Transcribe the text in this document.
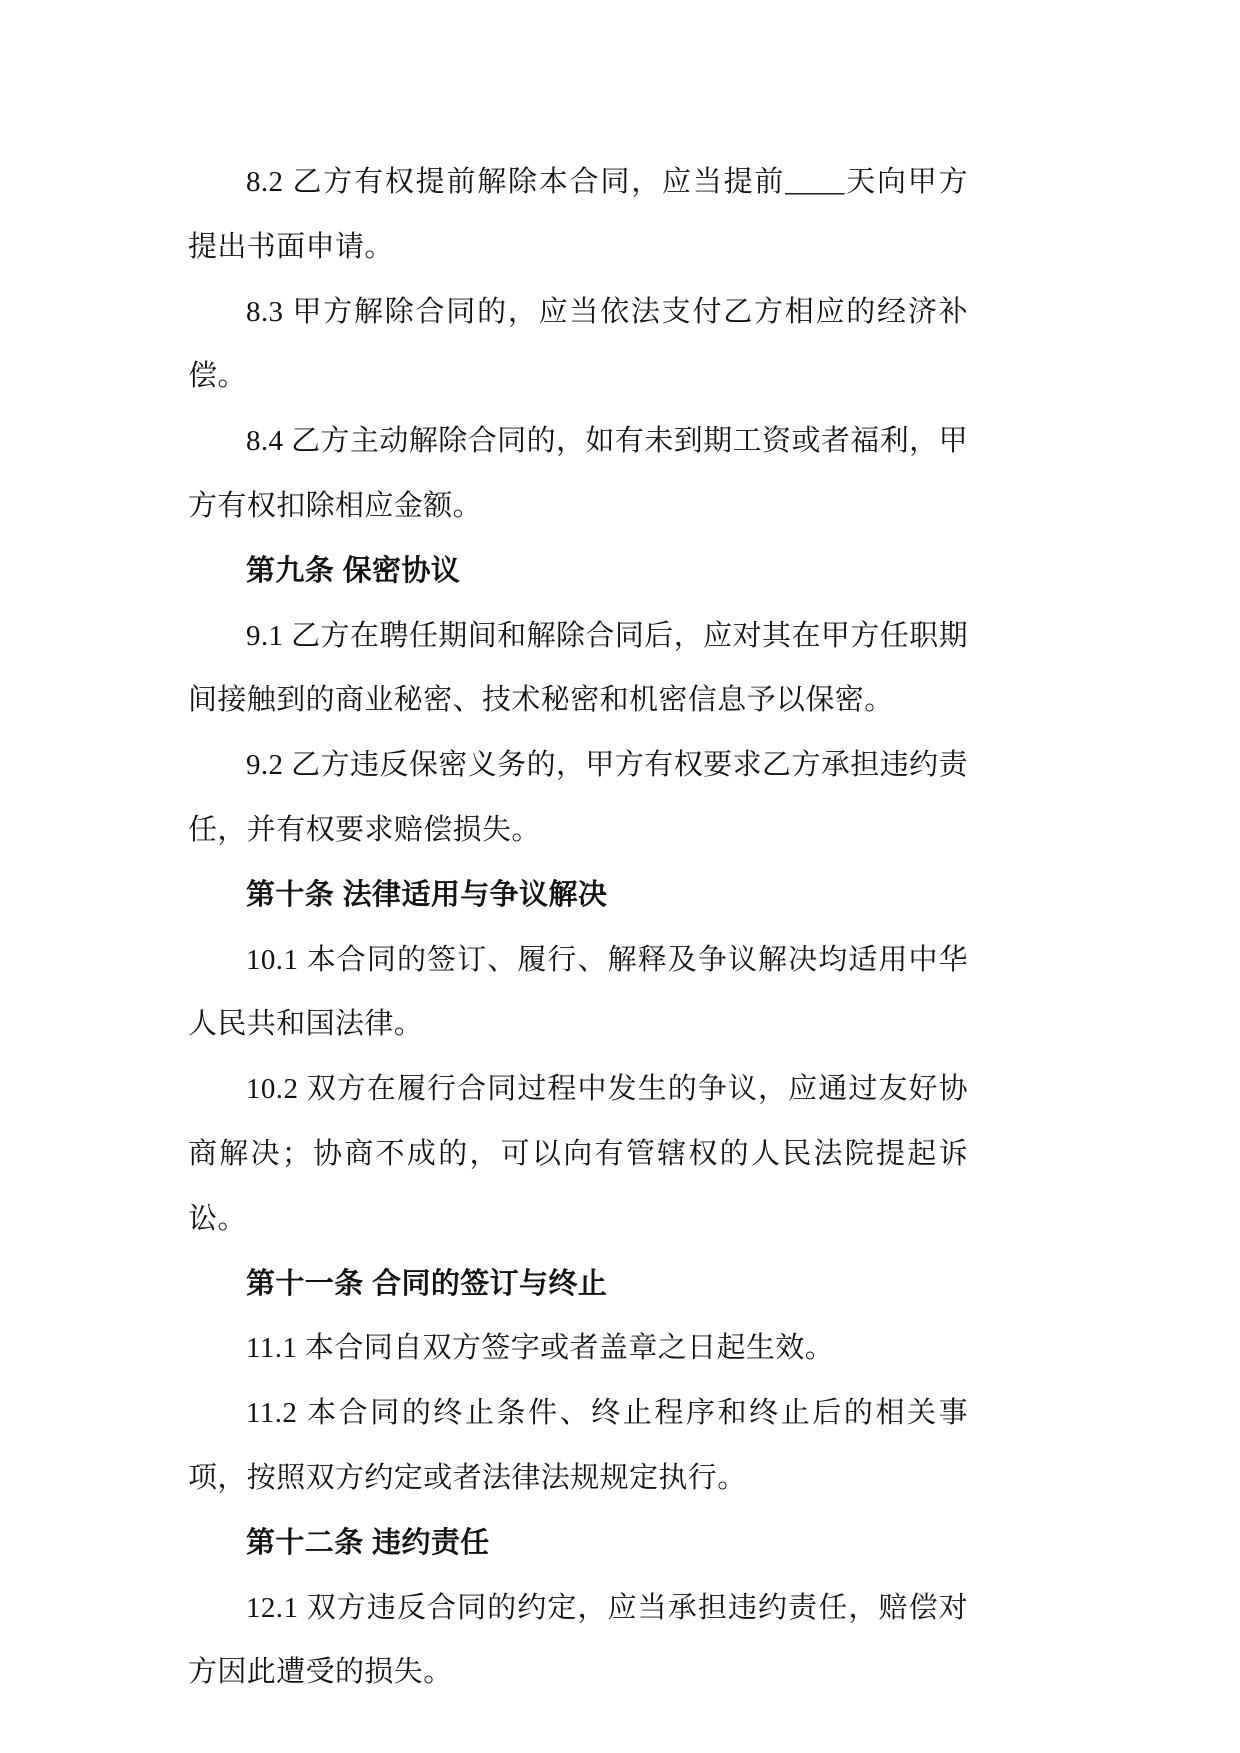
8.2 乙方有权提前解除本合同，应当提前____天向甲方提出书面申请。

8.3 甲方解除合同的，应当依法支付乙方相应的经济补偿。

8.4 乙方主动解除合同的，如有未到期工资或者福利，甲方有权扣除相应金额。

第九条 保密协议

9.1 乙方在聘任期间和解除合同后，应对其在甲方任职期间接触到的商业秘密、技术秘密和机密信息予以保密。

9.2 乙方违反保密义务的，甲方有权要求乙方承担违约责任，并有权要求赔偿损失。

第十条 法律适用与争议解决

10.1 本合同的签订、履行、解释及争议解决均适用中华人民共和国法律。

10.2 双方在履行合同过程中发生的争议，应通过友好协商解决；协商不成的，可以向有管辖权的人民法院提起诉讼。

第十一条 合同的签订与终止

11.1 本合同自双方签字或者盖章之日起生效。

11.2 本合同的终止条件、终止程序和终止后的相关事项，按照双方约定或者法律法规规定执行。

第十二条 违约责任

12.1 双方违反合同的约定，应当承担违约责任，赔偿对方因此遭受的损失。
